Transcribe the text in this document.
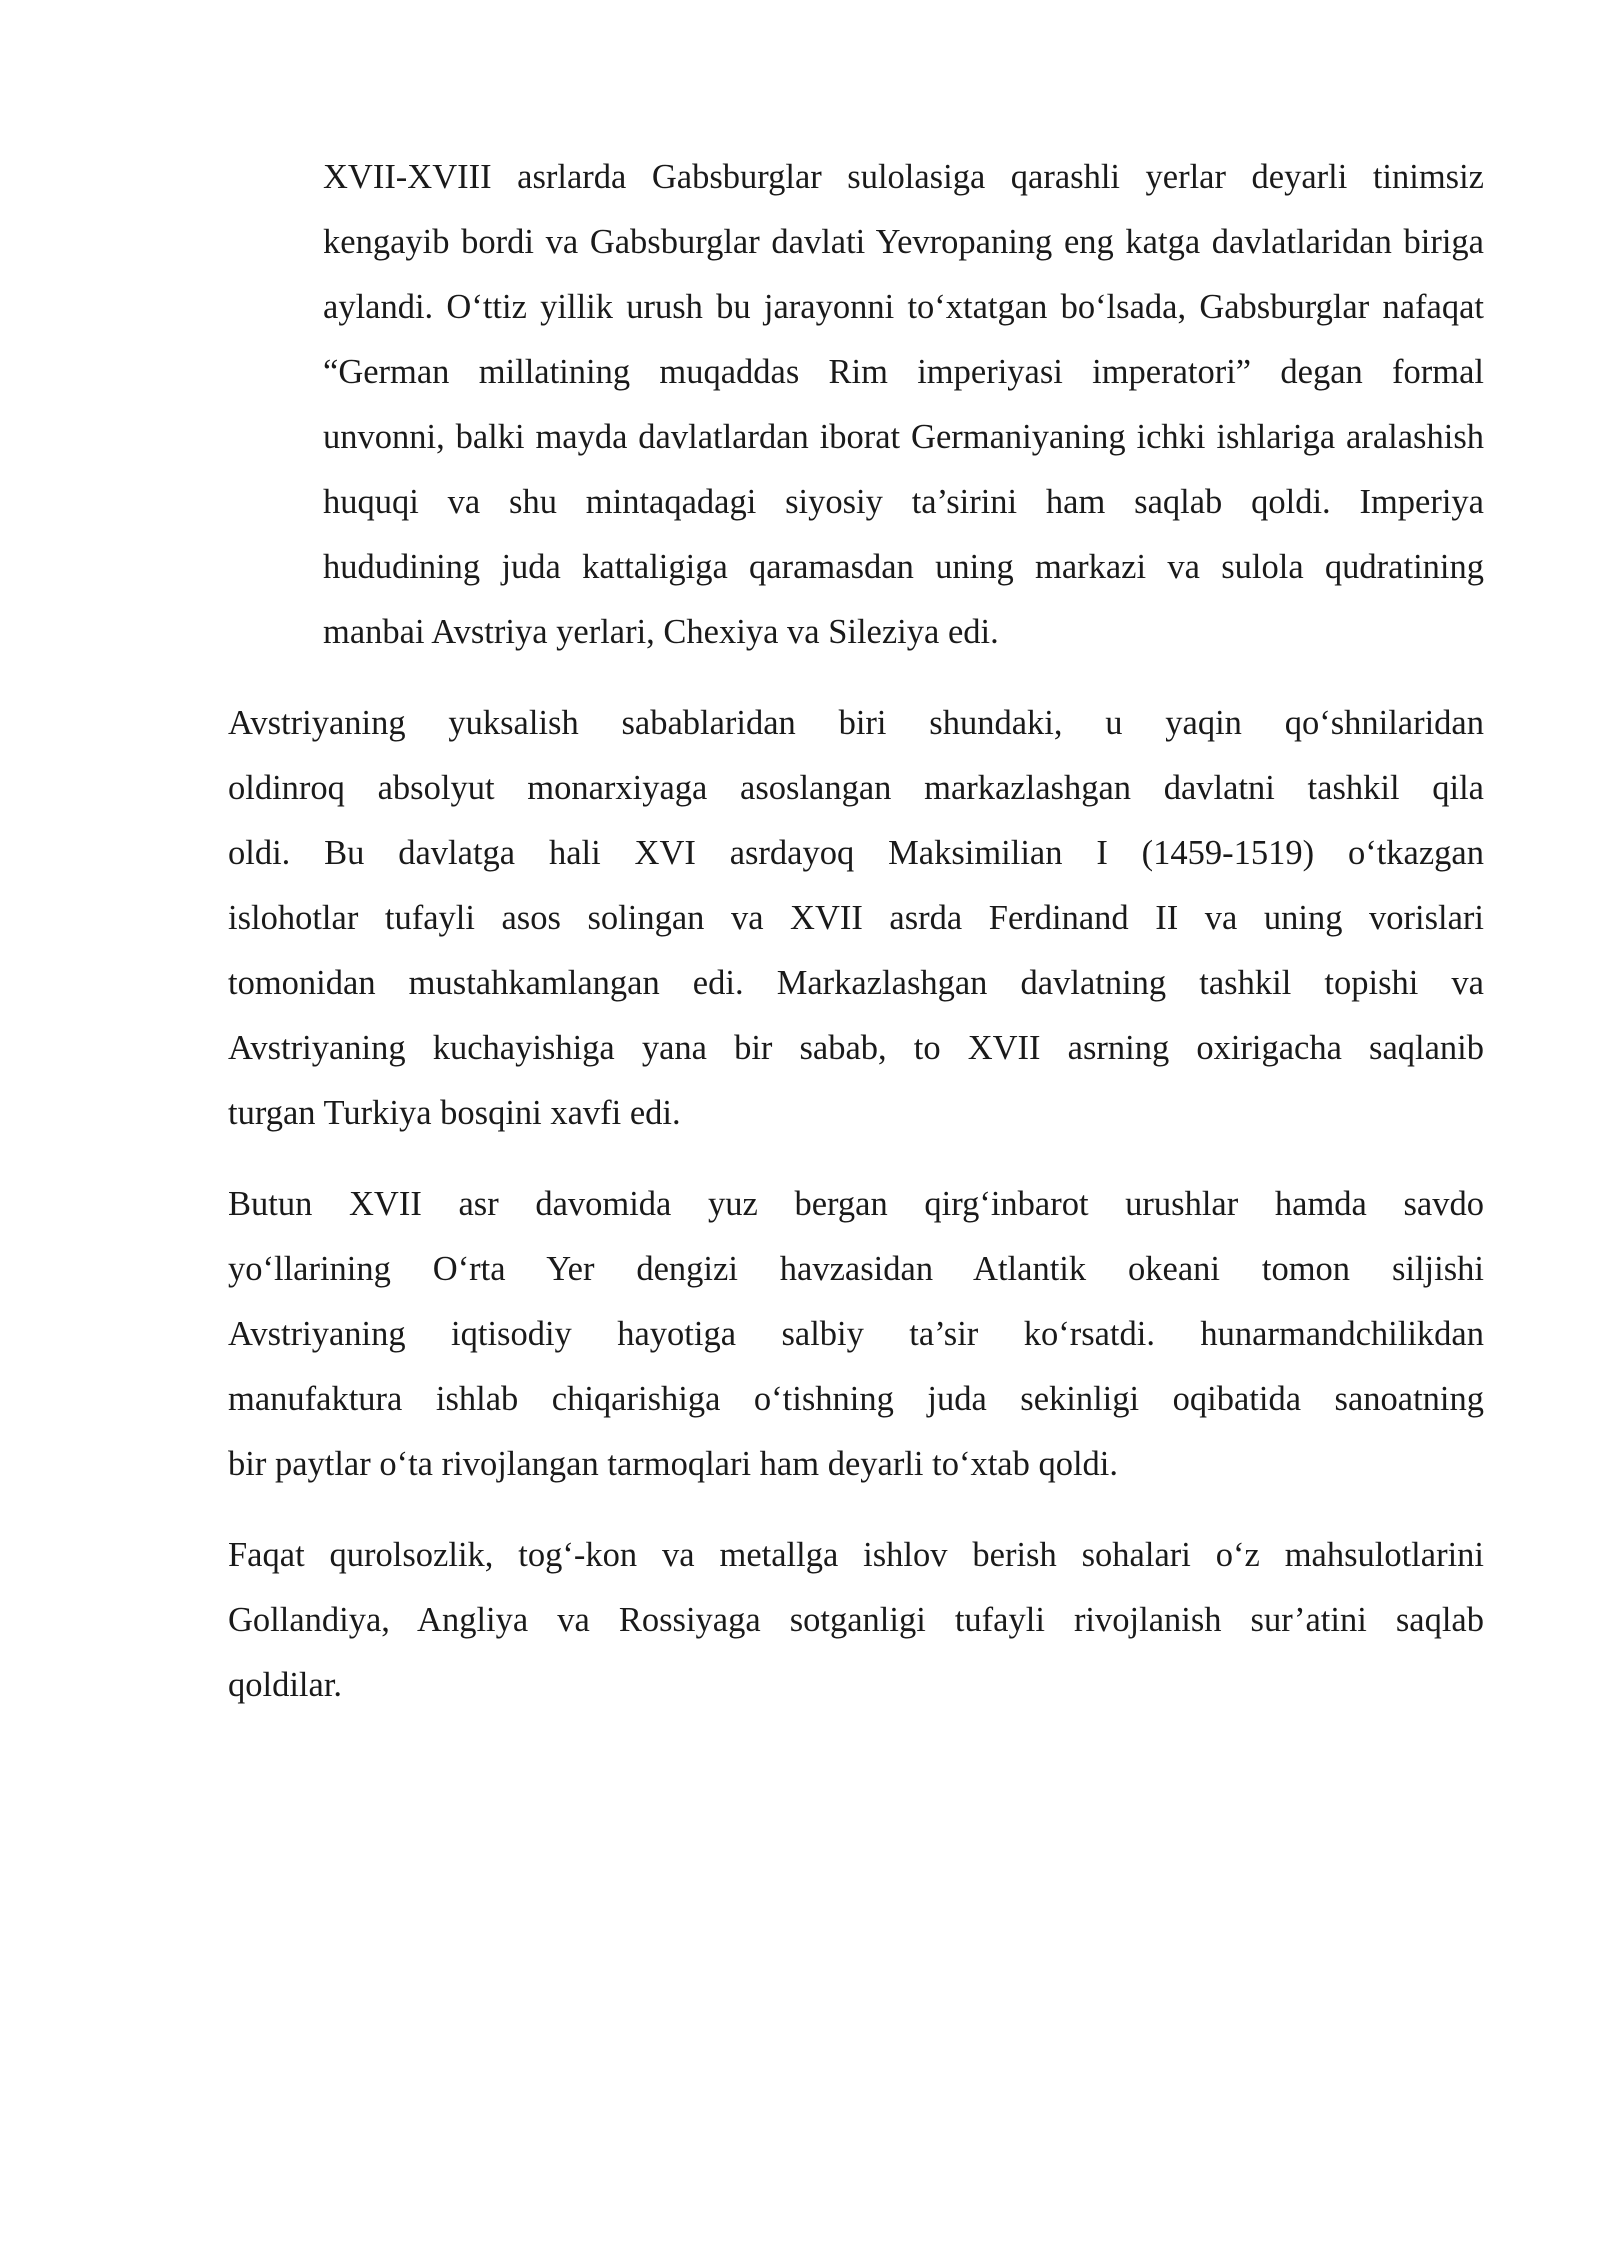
XVII-XVIII asrlarda Gabsburglar sulolasiga qarashli yerlar deyarli tinimsiz
kengayib bordi va Gabsburglar davlati Yevropaning eng katga davlatlaridan biriga
aylandi. O‘ttiz yillik urush bu jarayonni to‘xtatgan bo‘lsada, Gabsburglar nafaqat
“German millatining muqaddas Rim imperiyasi imperatori” degan formal
unvonni, balki mayda davlatlardan iborat Germaniyaning ichki ishlariga aralashish
huquqi va shu mintaqadagi siyosiy ta’sirini ham saqlab qoldi. Imperiya
hududining juda kattaligiga qaramasdan uning markazi va sulola qudratining
manbai Avstriya yerlari, Chexiya va Sileziya edi.

Avstriyaning yuksalish sabablaridan biri shundaki, u yaqin qo‘shnilaridan
oldinroq absolyut monarxiyaga asoslangan markazlashgan davlatni tashkil qila
oldi. Bu davlatga hali XVI asrdayoq Maksimilian I (1459-1519) o‘tkazgan
islohotlar tufayli asos solingan va XVII asrda Ferdinand II va uning vorislari
tomonidan mustahkamlangan edi. Markazlashgan davlatning tashkil topishi va
Avstriyaning kuchayishiga yana bir sabab, to XVII asrning oxirigacha saqlanib
turgan Turkiya bosqini xavfi edi.

Butun XVII asr davomida yuz bergan qirg‘inbarot urushlar hamda savdo
yo‘llarining O‘rta Yer dengizi havzasidan Atlantik okeani tomon siljishi
Avstriyaning iqtisodiy hayotiga salbiy ta’sir ko‘rsatdi. hunarmandchilikdan
manufaktura ishlab chiqarishiga o‘tishning juda sekinligi oqibatida sanoatning
bir paytlar o‘ta rivojlangan tarmoqlari ham deyarli to‘xtab qoldi.

Faqat qurolsozlik, tog‘-kon va metallga ishlov berish sohalari o‘z mahsulotlarini
Gollandiya, Angliya va Rossiyaga sotganligi tufayli rivojlanish sur’atini saqlab
qoldilar.
